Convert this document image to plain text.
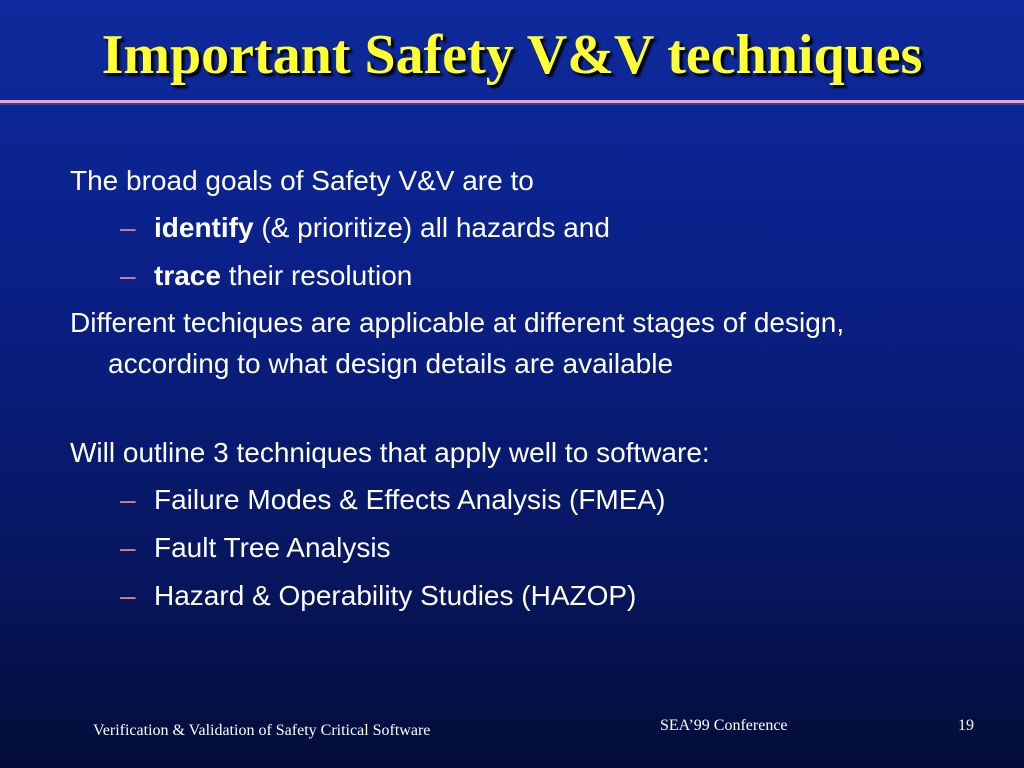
Important Safety V&V techniques
The broad goals of Safety V&V are to
– identify (& prioritize) all hazards and
– trace their resolution
Different techiques are applicable at different stages of design, according to what design details are available
Will outline 3 techniques that apply well to software:
– Failure Modes & Effects Analysis (FMEA)
– Fault Tree Analysis
– Hazard & Operability Studies (HAZOP)
Verification & Validation of Safety Critical Software	SEA’99 Conference	19
